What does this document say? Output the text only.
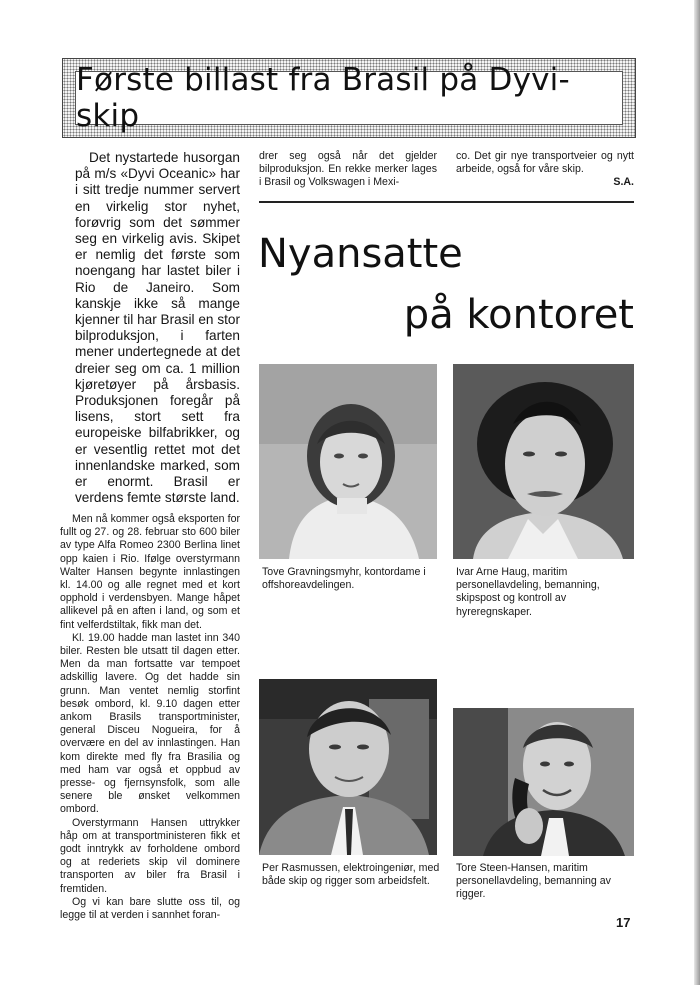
Første billast fra Brasil på Dyvi-skip

Det nystartede husorgan på m/s «Dyvi Oceanic» har i sitt tredje nummer servert en virkelig stor nyhet, forøvrig som det sømmer seg en virkelig avis. Skipet er nemlig det første som noengang har lastet biler i Rio de Janeiro. Som kanskje ikke så mange kjenner til har Brasil en stor bilproduksjon, i farten mener undertegnede at det dreier seg om ca. 1 million kjøretøyer på årsbasis. Produksjonen foregår på lisens, stort sett fra europeiske bilfabrikker, og er vesentlig rettet mot det innenlandske marked, som er enormt. Brasil er verdens femte største land.

Men nå kommer også eksporten for fullt og 27. og 28. februar sto 600 biler av type Alfa Romeo 2300 Berlina linet opp kaien i Rio. Ifølge overstyrmann Walter Hansen begynte innlastingen kl. 14.00 og alle regnet med et kort opphold i verdensbyen. Mange håpet allikevel på en aften i land, og som et fint velferdstiltak, fikk man det.

Kl. 19.00 hadde man lastet inn 340 biler. Resten ble utsatt til dagen etter. Men da man fortsatte var tempoet adskillig lavere. Og det hadde sin grunn. Man ventet nemlig storfint besøk ombord, kl. 9.10 dagen etter ankom Brasils transportminister, general Disceu Nogueira, for å overvære en del av innlastingen. Han kom direkte med fly fra Brasilia og med ham var også et oppbud av presse- og fjernsynsfolk, som alle senere ble ønsket velkommen ombord.

Overstyrmann Hansen uttrykker håp om at transportministeren fikk et godt inntrykk av forholdene ombord og at rederiets skip vil dominere transporten av biler fra Brasil i fremtiden.

Og vi kan bare slutte oss til, og legge til at verden i sannhet foran-

drer seg også når det gjelder bilproduksjon. En rekke merker lages i Brasil og Volkswagen i Mexi-
co. Det gir nye transportveier og nytt arbeide, også for våre skip.
S.A.
Nyansatte
på kontoret
Tove Gravningsmyhr, kontordame i offshoreavdelingen.
Ivar Arne Haug, maritim personellavdeling, bemanning, skipspost og kontroll av hyreregnskaper.
Per Rasmussen, elektroingeniør, med både skip og rigger som arbeidsfelt.
Tore Steen-Hansen, maritim personellavdeling, bemanning av rigger.
17
